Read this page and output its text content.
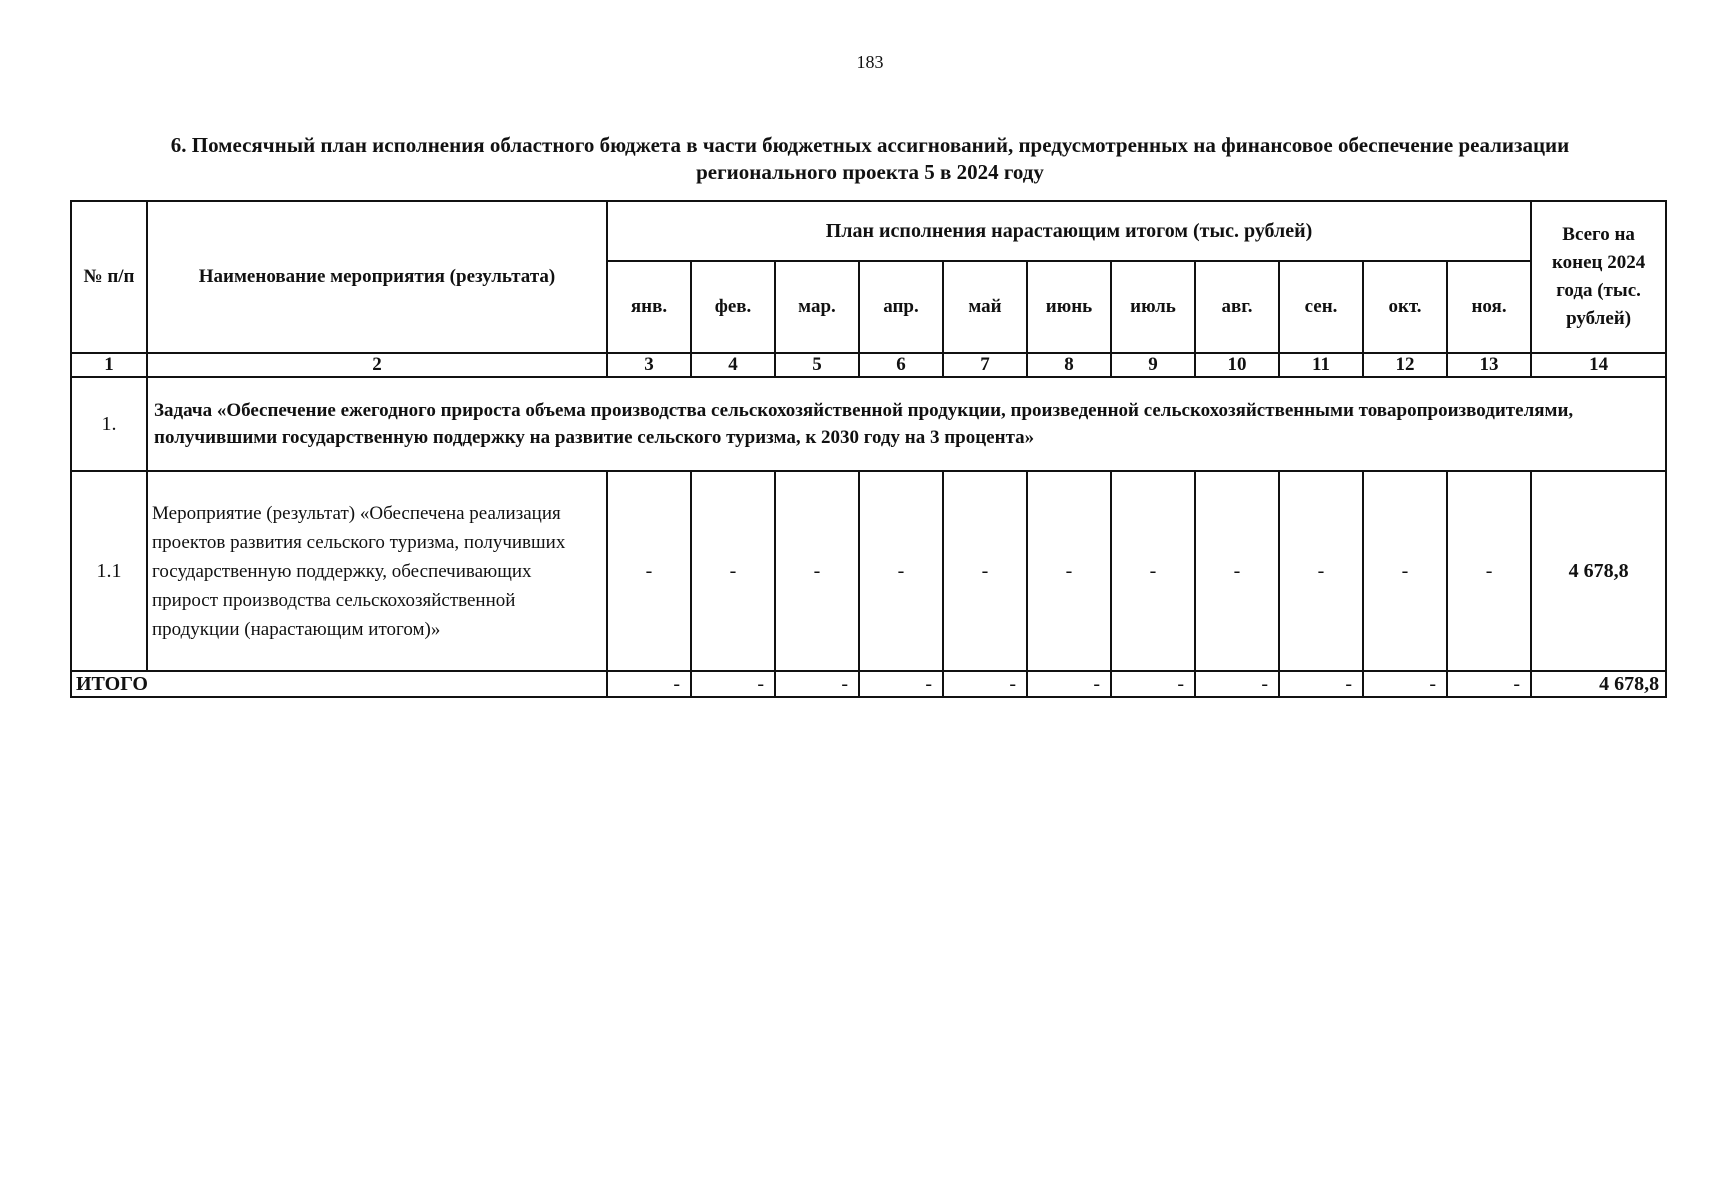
183
6. Помесячный план исполнения областного бюджета в части бюджетных ассигнований, предусмотренных на финансовое обеспечение реализации
регионального проекта 5 в 2024 году
№ п/п	Наименование мероприятия (результата)	План исполнения нарастающим итогом (тыс. рублей)											Всего на конец 2024 года (тыс. рублей)
		янв.	фев.	мар.	апр.	май	июнь	июль	авг.	сен.	окт.	ноя.	
1	2	3	4	5	6	7	8	9	10	11	12	13	14
1.	Задача «Обеспечение ежегодного прироста объема производства сельскохозяйственной продукции, произведенной сельскохозяйственными товаропроизводителями, получившими государственную поддержку на развитие сельского туризма, к 2030 году на 3 процента»												
1.1	Мероприятие (результат) «Обеспечена реализация проектов развития сельского туризма, получивших государственную поддержку, обеспечивающих прирост производства сельскохозяйственной продукции (нарастающим итогом)»	-	-	-	-	-	-	-	-	-	-	-	4 678,8
ИТОГО		-	-	-	-	-	-	-	-	-	-	-	4 678,8
